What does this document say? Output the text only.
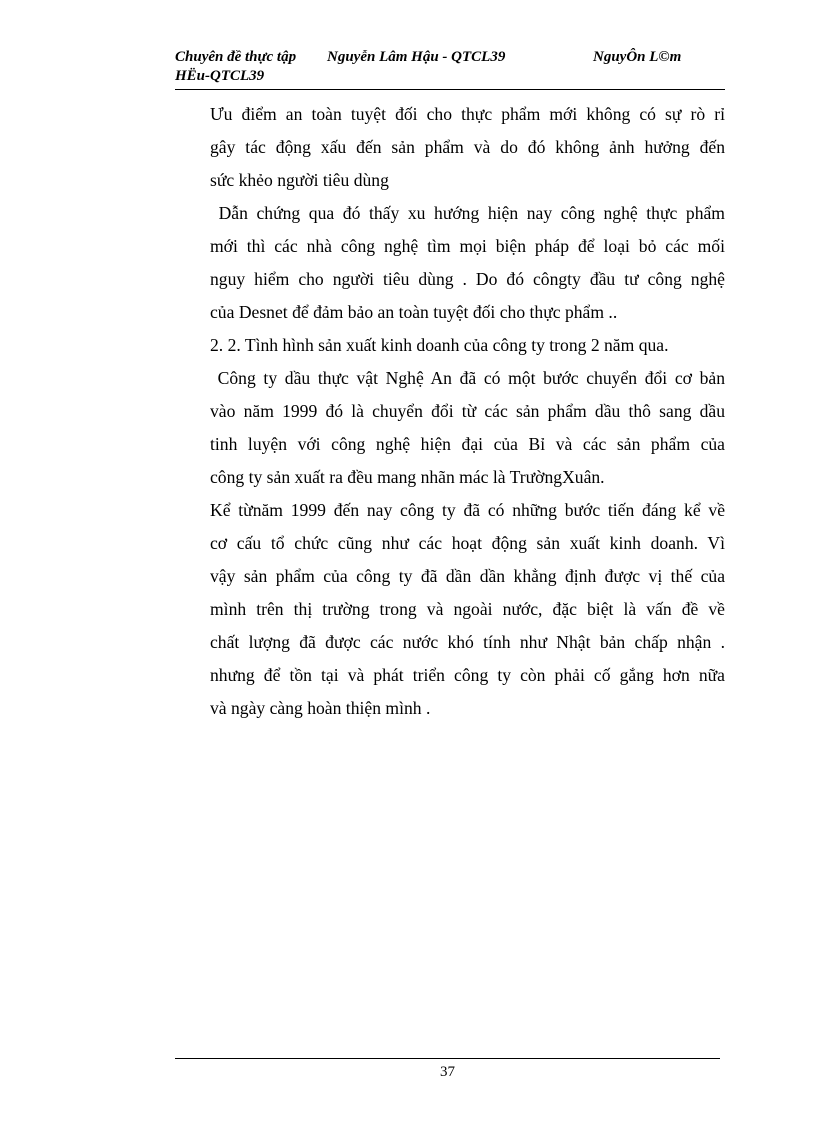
Chuyên đề thực tập Nguyễn Lâm Hậu - QTCL39	NguyÔn L©m
HËu-QTCL39

Ưu điểm an toàn tuyệt đối cho thực phẩm mới không có sự rò rỉ

gây tác động xấu đến sản phẩm và do đó không ảnh hưởng đến

sức khẻo người tiêu dùng

Dẫn chứng qua đó thấy xu hướng hiện nay công nghệ thực phẩm

mới thì các nhà công nghệ tìm mọi biện pháp để loại bỏ các mối

nguy hiểm cho người tiêu dùng . Do đó côngty đầu tư công nghệ

của Desnet để đảm bảo an toàn tuyệt đối cho thực phẩm ..

2. 2. Tình hình sản xuất kinh doanh của công ty trong 2 năm qua.

Công ty dầu thực vật Nghệ An đã có một bước chuyển đổi cơ bản

vào năm 1999 đó là chuyển đổi từ các sản phẩm dầu thô sang dầu

tinh luyện với công nghệ hiện đại của Bỉ và các sản phẩm của

công ty sản xuất ra đều mang nhãn mác là TrườngXuân.

Kể từnăm 1999 đến nay công ty đã có những bước tiến đáng kể về

cơ cấu tổ chức cũng như các hoạt động sản xuất kinh doanh. Vì

vậy sản phẩm của công ty đã dần dần khẳng định được vị thế của

mình trên thị trường trong và ngoài nước, đặc biệt là vấn đề về

chất lượng đã được các nước khó tính như Nhật bản chấp nhận .

nhưng để tồn tại và phát triển công ty còn phải cố gắng hơn nữa

và ngày càng hoàn thiện mình .

37
